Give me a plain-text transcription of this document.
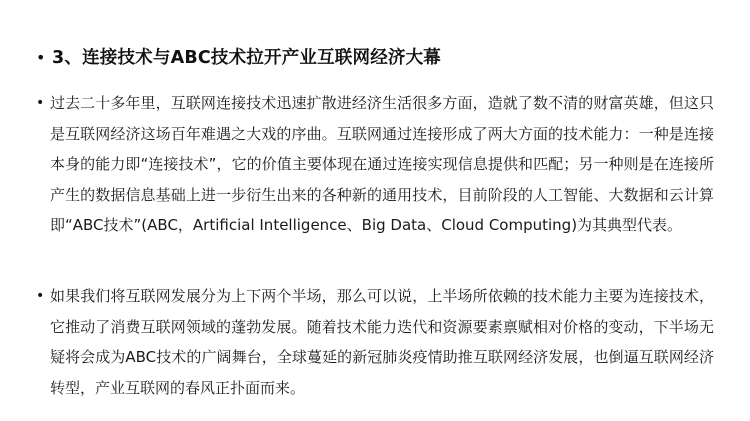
• 3、连接技术与ABC技术拉开产业互联网经济大幕
• 过去二十多年里，互联网连接技术迅速扩散进经济生活很多方面，造就了数不清的财富英雄，但这只是互联网经济这场百年难遇之大戏的序曲。互联网通过连接形成了两大方面的技术能力：一种是连接本身的能力即“连接技术”，它的价值主要体现在通过连接实现信息提供和匹配；另一种则是在连接所产生的数据信息基础上进一步衍生出来的各种新的通用技术，目前阶段的人工智能、大数据和云计算即“ABC技术”(ABC，Artificial Intelligence、Big Data、Cloud Computing)为其典型代表。
• 如果我们将互联网发展分为上下两个半场，那么可以说，上半场所依赖的技术能力主要为连接技术，它推动了消费互联网领域的蓬勃发展。随着技术能力迭代和资源要素禀赋相对价格的变动，下半场无疑将会成为ABC技术的广阔舞台，全球蔓延的新冠肺炎疫情助推互联网经济发展，也倒逼互联网经济转型，产业互联网的春风正扑面而来。
